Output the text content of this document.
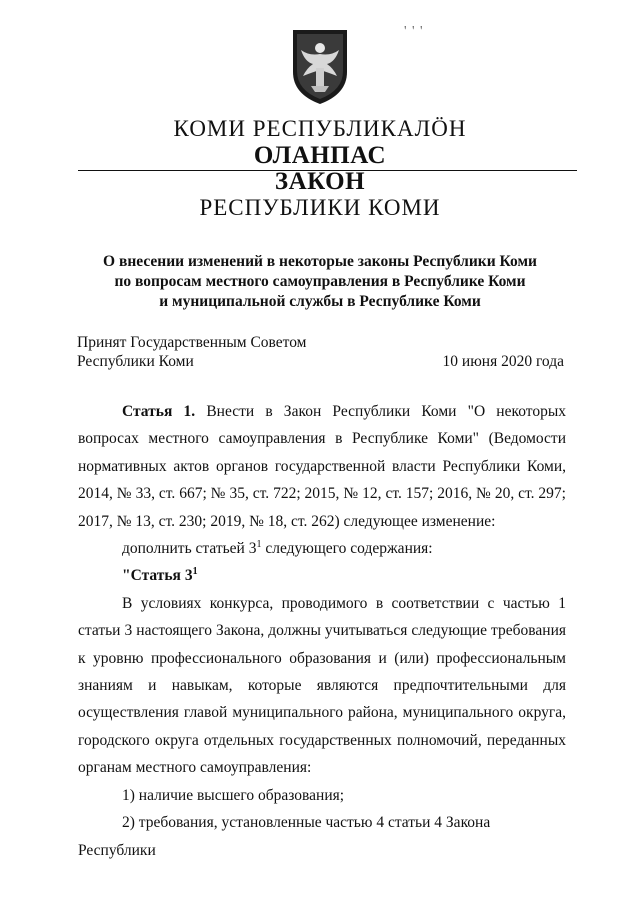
' ' '
КОМИ РЕСПУБЛИКАЛÖН
ОЛАНПАС
ЗАКОН
РЕСПУБЛИКИ КОМИ
О внесении изменений в некоторые законы Республики Коми
по вопросам местного самоуправления в Республике Коми
и муниципальной службы в Республике Коми
Принят Государственным Советом
Республики Коми	10 июня 2020 года

Статья 1. Внести в Закон Республики Коми "О некоторых вопросах местного самоуправления в Республике Коми" (Ведомости нормативных актов органов государственной власти Республики Коми, 2014, № 33, ст. 667; № 35, ст. 722; 2015, № 12, ст. 157; 2016, № 20, ст. 297; 2017, № 13, ст. 230; 2019, № 18, ст. 262) следующее изменение:

дополнить статьей $3^1$ следующего содержания:

"Статья $3^1$

В условиях конкурса, проводимого в соответствии с частью 1 статьи 3 настоящего Закона, должны учитываться следующие требования к уровню профессионального образования и (или) профессиональным знаниям и навыкам, которые являются предпочтительными для осуществления главой муниципального района, муниципального округа, городского округа отдельных государственных полномочий, переданных органам местного самоуправления:

1) наличие высшего образования;

2) требования, установленные частью 4 статьи 4 Закона Республики
